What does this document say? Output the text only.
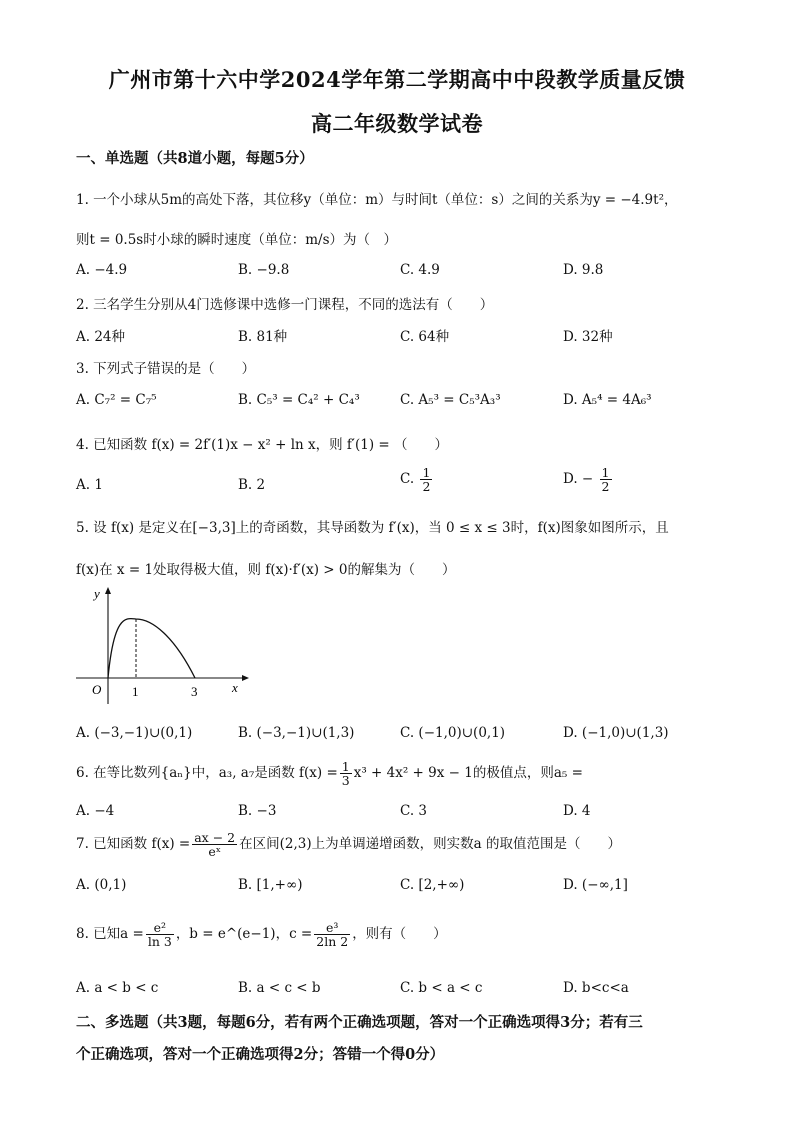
广州市第十六中学2024学年第二学期高中中段教学质量反馈
高二年级数学试卷
一、单选题（共8道小题，每题5分）
1. 一个小球从5m的高处下落，其位移y（单位：m）与时间t（单位：s）之间的关系为y = −4.9t²，
则t = 0.5s时小球的瞬时速度（单位：m/s）为（　）
A. −4.9	B. −9.8	C. 4.9	D. 9.8
2. 三名学生分别从4门选修课中选修一门课程，不同的选法有（　　）
A. 24种	B. 81种	C. 64种	D. 32种
3. 下列式子错误的是（　　）
A. C₇² = C₇⁵	B. C₅³ = C₄² + C₄³	C. A₅³ = C₅³A₃³	D. A₅⁴ = 4A₆³
4. 已知函数 f(x) = 2f′(1)x − x² + ln x，则 f′(1) = （　　）
A. 1	B. 2	C. $\frac{1}{2}$	D. − $\frac{1}{2}$
5. 设 f(x) 是定义在[−3,3]上的奇函数，其导函数为 f′(x)，当 0 ≤ x ≤ 3时，f(x)图象如图所示，且
f(x)在 x = 1处取得极大值，则 f(x)·f′(x) > 0的解集为（　　）
y
x
O 1	3
A. (−3,−1)∪(0,1)	B. (−3,−1)∪(1,3)	C. (−1,0)∪(0,1)	D. (−1,0)∪(1,3)
6. 在等比数列{aₙ}中，a₃, a₇是函数 $f(x) = \frac{1}{3} x^3 + 4x^2 + 9x - 1$的极值点，则a₅ =
A. −4	B. −3	C. 3	D. 4
7. 已知函数 $f(x) = \frac{ax - 2}{\text{eˣ}}$ 在区间(2,3)上为单调递增函数，则实数a 的取值范围是（　　）
A. (0,1)	B. [1,+∞)	C. [2,+∞)	D. (−∞,1]
8. 已知$a = \frac{\text{e²}}{\ln 3}$ ，b = e^(e−1)，$c = \frac{\text{e³}}{2\ln 2}$ ，则有（　　）
A. a < b < c	B. a < c < b	C. b < a < c	D. b<c<a
二、多选题（共3题，每题6分，若有两个正确选项题，答对一个正确选项得3分；若有三
个正确选项，答对一个正确选项得2分；答错一个得0分）
